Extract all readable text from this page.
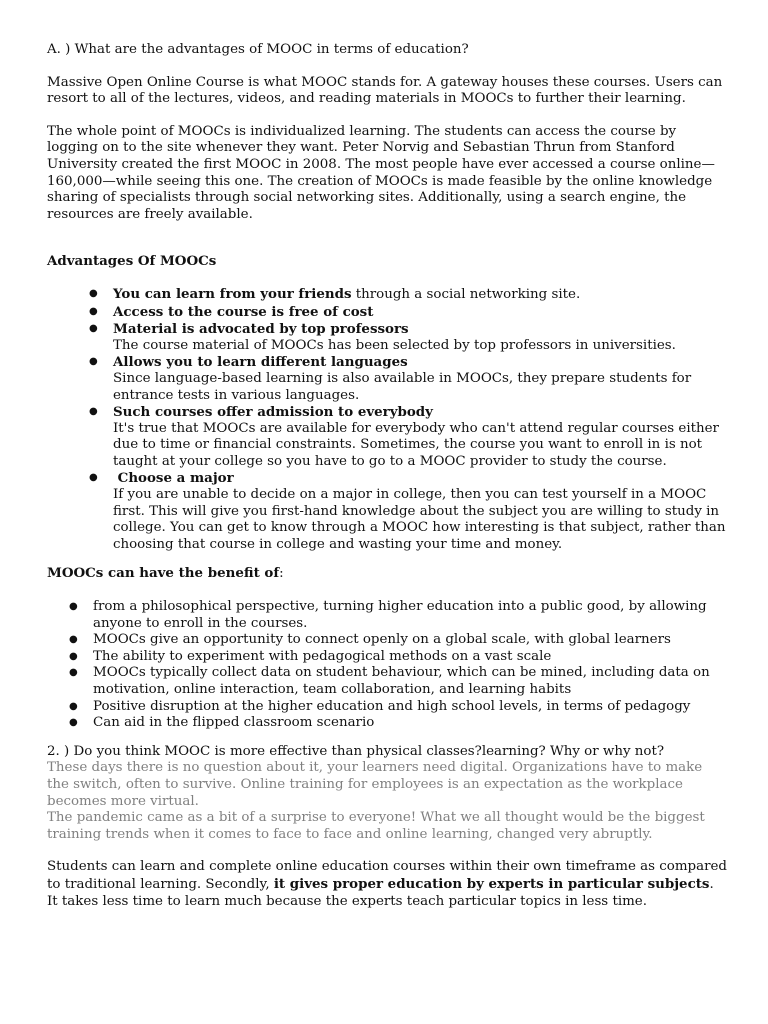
A. ) What are the advantages of MOOC in terms of education?

Massive Open Online Course is what MOOC stands for. A gateway houses these courses. Users can resort to all of the lectures, videos, and reading materials in MOOCs to further their learning.

The whole point of MOOCs is individualized learning. The students can access the course by logging on to the site whenever they want. Peter Norvig and Sebastian Thrun from Stanford University created the first MOOC in 2008. The most people have ever accessed a course online—160,000—while seeing this one. The creation of MOOCs is made feasible by the online knowledge sharing of specialists through social networking sites. Additionally, using a search engine, the resources are freely available.

Advantages Of MOOCs

●	You can learn from your friends through a social networking site.
●	Access to the course is free of cost
●	Material is advocated by top professors
The course material of MOOCs has been selected by top professors in universities.
●	Allows you to learn different languages
Since language-based learning is also available in MOOCs, they prepare students for entrance tests in various languages.
●	Such courses offer admission to everybody
It's true that MOOCs are available for everybody who can't attend regular courses either due to time or financial constraints. Sometimes, the course you want to enroll in is not taught at your college so you have to go to a MOOC provider to study the course.
●	Choose a major
If you are unable to decide on a major in college, then you can test yourself in a MOOC first. This will give you first-hand knowledge about the subject you are willing to study in college. You can get to know through a MOOC how interesting is that subject, rather than choosing that course in college and wasting your time and money.

MOOCs can have the benefit of:

●	from a philosophical perspective, turning higher education into a public good, by allowing anyone to enroll in the courses.
●	MOOCs give an opportunity to connect openly on a global scale, with global learners
●	The ability to experiment with pedagogical methods on a vast scale
●	MOOCs typically collect data on student behaviour, which can be mined, including data on motivation, online interaction, team collaboration, and learning habits
●	Positive disruption at the higher education and high school levels, in terms of pedagogy
●	Can aid in the flipped classroom scenario

2. ) Do you think MOOC is more effective than physical classes?learning? Why or why not?

These days there is no question about it, your learners need digital. Organizations have to make the switch, often to survive. Online training for employees is an expectation as the workplace becomes more virtual.

The pandemic came as a bit of a surprise to everyone! What we all thought would be the biggest training trends when it comes to face to face and online learning, changed very abruptly.

Students can learn and complete online education courses within their own timeframe as compared to traditional learning. Secondly, it gives proper education by experts in particular subjects. It takes less time to learn much because the experts teach particular topics in less time.
